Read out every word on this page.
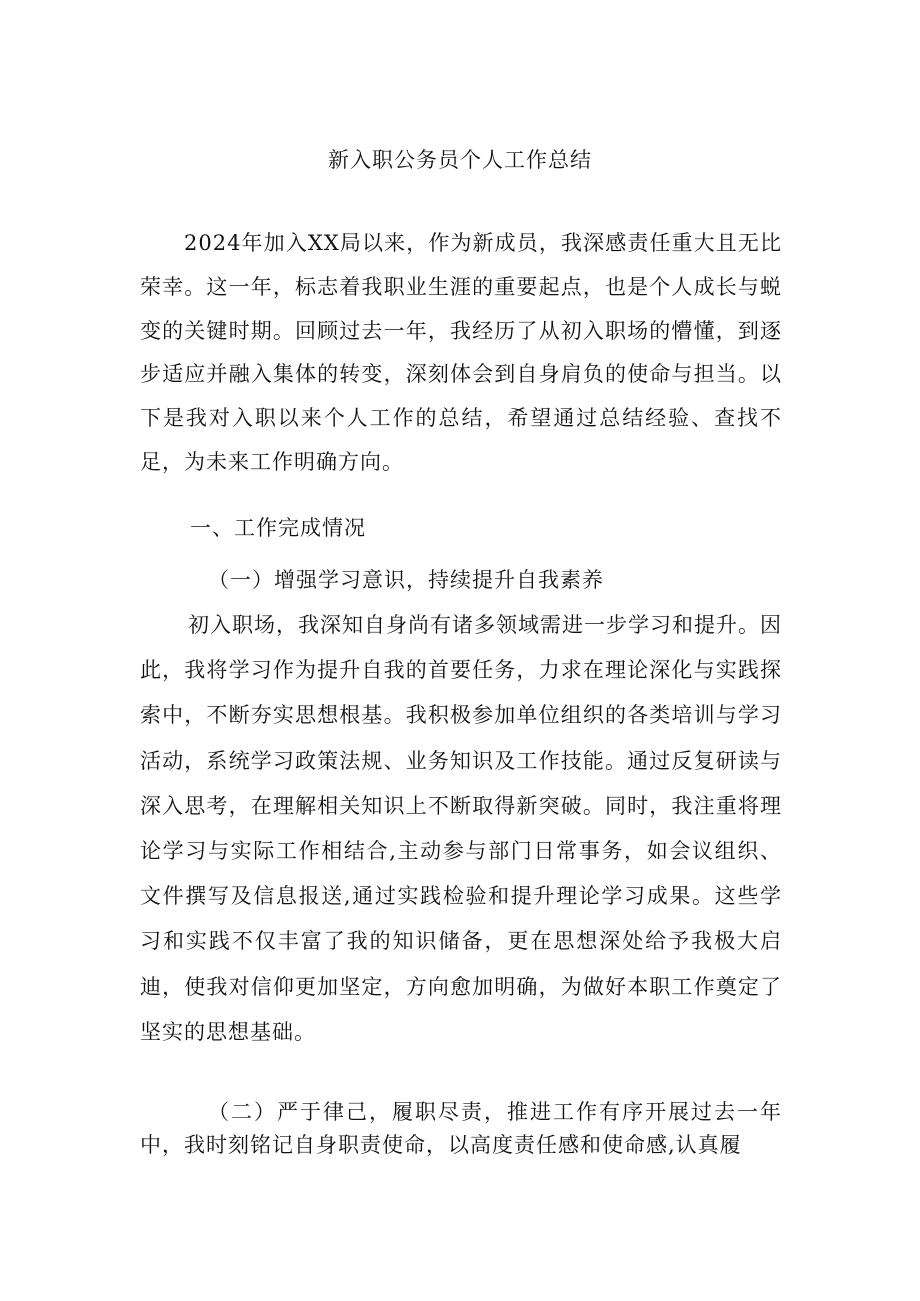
新入职公务员个人工作总结
2024年加入XX局以来，作为新成员，我深感责任重大且无比荣幸。这一年，标志着我职业生涯的重要起点，也是个人成长与蜕变的关键时期。回顾过去一年，我经历了从初入职场的懵懂，到逐步适应并融入集体的转变，深刻体会到自身肩负的使命与担当。以下是我对入职以来个人工作的总结，希望通过总结经验、查找不足，为未来工作明确方向。
一、工作完成情况
（一）增强学习意识，持续提升自我素养
初入职场，我深知自身尚有诸多领域需进一步学习和提升。因此，我将学习作为提升自我的首要任务，力求在理论深化与实践探索中，不断夯实思想根基。我积极参加单位组织的各类培训与学习活动，系统学习政策法规、业务知识及工作技能。通过反复研读与深入思考，在理解相关知识上不断取得新突破。同时，我注重将理论学习与实际工作相结合,主动参与部门日常事务，如会议组织、文件撰写及信息报送,通过实践检验和提升理论学习成果。这些学习和实践不仅丰富了我的知识储备，更在思想深处给予我极大启迪，使我对信仰更加坚定，方向愈加明确，为做好本职工作奠定了坚实的思想基础。
（二）严于律己，履职尽责，推进工作有序开展过去一年中，我时刻铭记自身职责使命，以高度责任感和使命感,认真履
